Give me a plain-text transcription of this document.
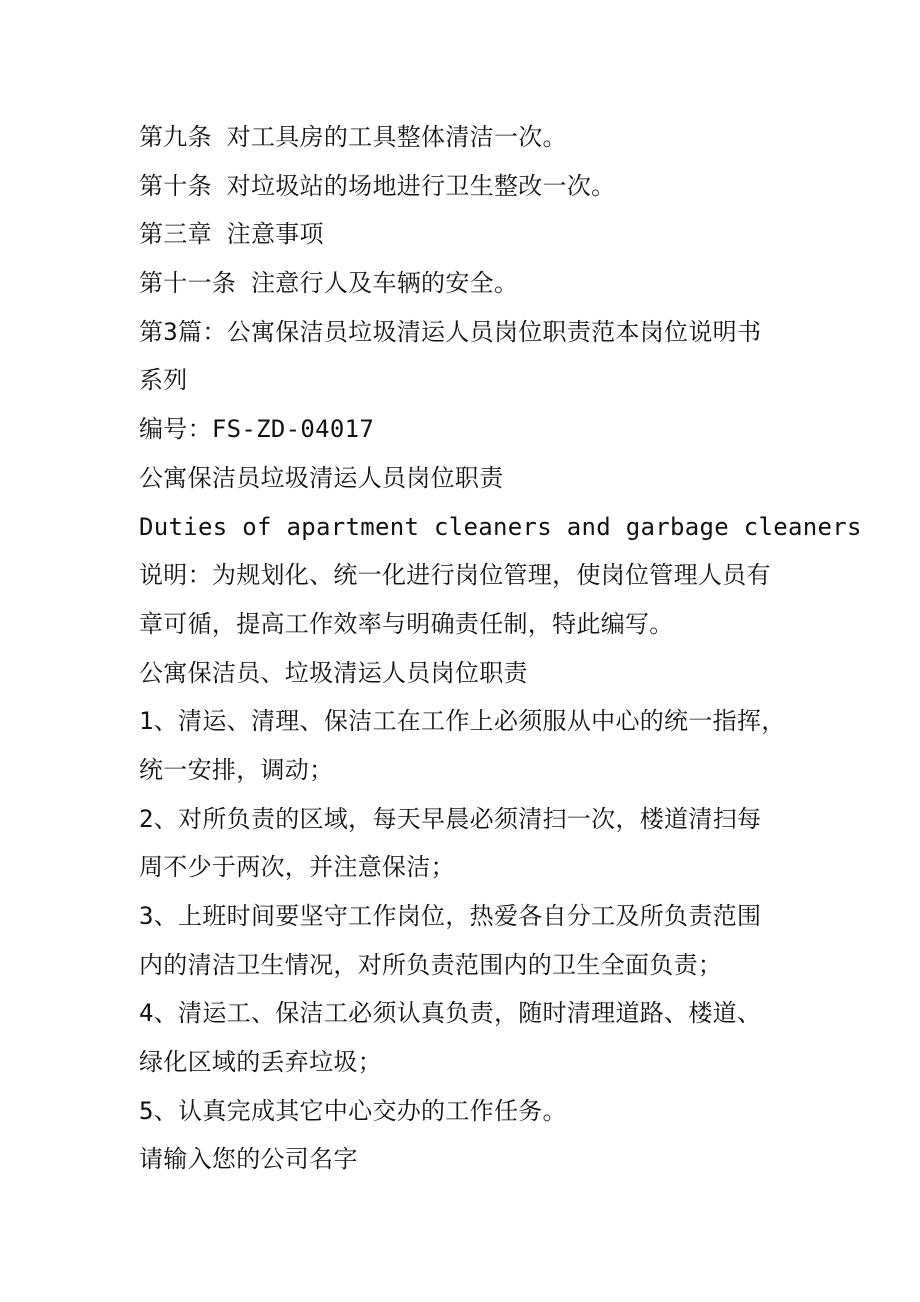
第九条 对工具房的工具整体清洁一次。
第十条 对垃圾站的场地进行卫生整改一次。
第三章 注意事项
第十一条 注意行人及车辆的安全。
第3篇：公寓保洁员垃圾清运人员岗位职责范本岗位说明书
系列
编号：FS-ZD-04017
公寓保洁员垃圾清运人员岗位职责
Duties of apartment cleaners and garbage cleaners
说明：为规划化、统一化进行岗位管理，使岗位管理人员有
章可循，提高工作效率与明确责任制，特此编写。
公寓保洁员、垃圾清运人员岗位职责
1、清运、清理、保洁工在工作上必须服从中心的统一指挥，
统一安排，调动；
2、对所负责的区域，每天早晨必须清扫一次，楼道清扫每
周不少于两次，并注意保洁；
3、上班时间要坚守工作岗位，热爱各自分工及所负责范围
内的清洁卫生情况，对所负责范围内的卫生全面负责；
4、清运工、保洁工必须认真负责，随时清理道路、楼道、
绿化区域的丢弃垃圾；
5、认真完成其它中心交办的工作任务。
请输入您的公司名字
